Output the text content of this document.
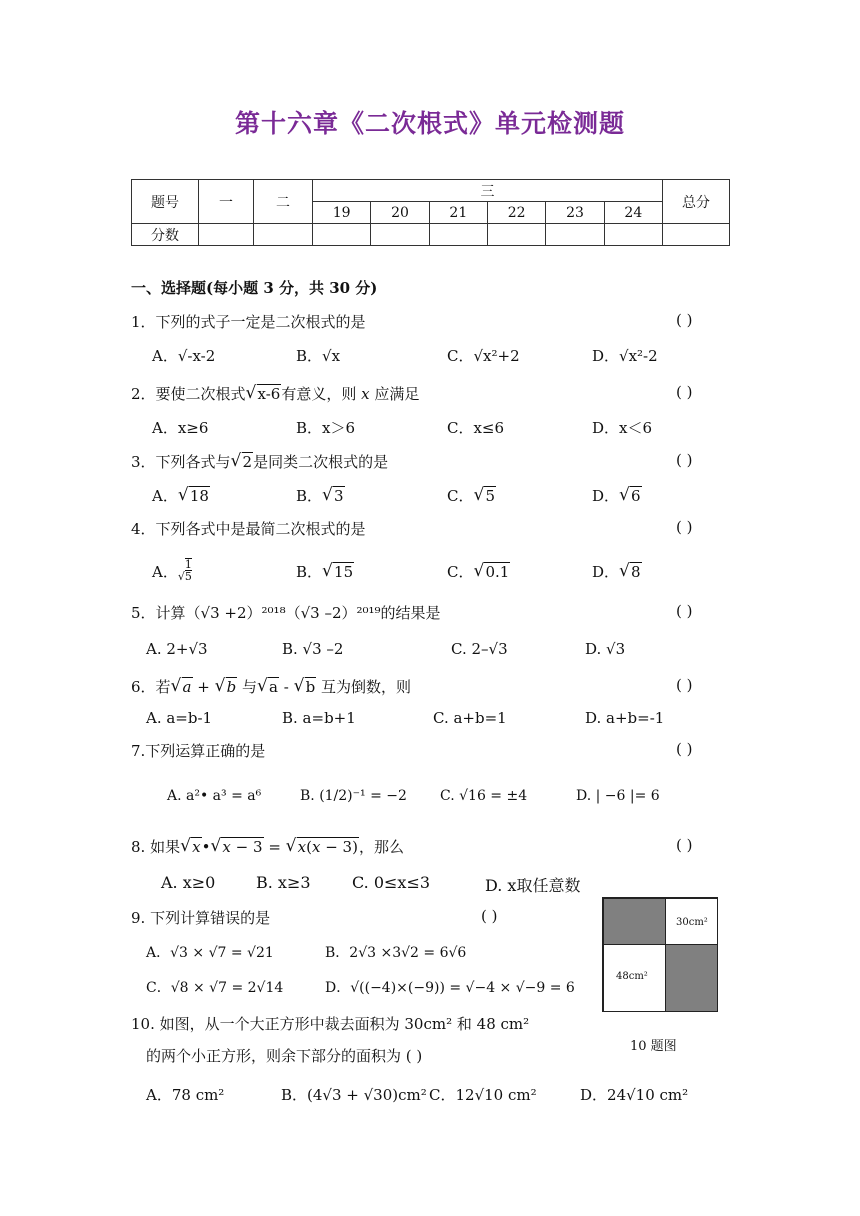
第十六章《二次根式》单元检测题
题号	一	二	三						总分
			19	20	21	22	23	24	
分数									
一、选择题(每小题 3 分，共 30 分)
1．下列的式子一定是二次根式的是	( )
A．√-x-2	B．√x	C．√x²+2	D．√x²-2
2．要使二次根式 √ x-6有意义，则 x 应满足	( )
A．x≥6	B．x＞6	C．x≤6	D．x＜6
3．下列各式与 √ 2是同类二次根式的是	( )
A． √ 18	B． √ 3	C． √ 5	D． √ 6
4．下列各式中是最简二次根式的是	( )
A．√ $\frac{1}{5}$	B． √ 15	C． √ 0.1	D． √ 8
5．计算（√3 +2）²⁰¹⁸（√3 –2）²⁰¹⁹的结果是	( )
A. 2+√3	B. √3 –2	C. 2–√3	D. √3
6．若 √ a + √ b 与 √ a - √ b 互为倒数，则	( )
A. a=b-1	B. a=b+1	C. a+b=1	D. a+b=-1
7.下列运算正确的是	( )
A. a²• a³ = a⁶	B. (1/2)⁻¹ = −2 C. √16 = ±4	D. | −6 |= 6
8. 如果 √ x• √ x − 3 = √ x(x − 3)，那么	( )
A. x≥0	B. x≥3	C. 0≤x≤3	D. x取任意数
9. 下列计算错误的是	( )
A．√3 × √7 = √21	B．2√3 ×3√2 = 6√6
C．√8 × √7 = 2√14	D．√((−4)×(−9)) = √−4 × √−9 = 6
10. 如图，从一个大正方形中裁去面积为 30cm² 和 48 cm²
的两个小正方形，则余下部分的面积为 ( )
A．78 cm²	B．(4√3 + √30)cm² C．12√10 cm²	D．24√10 cm²
30cm²
48cm²
10 题图
